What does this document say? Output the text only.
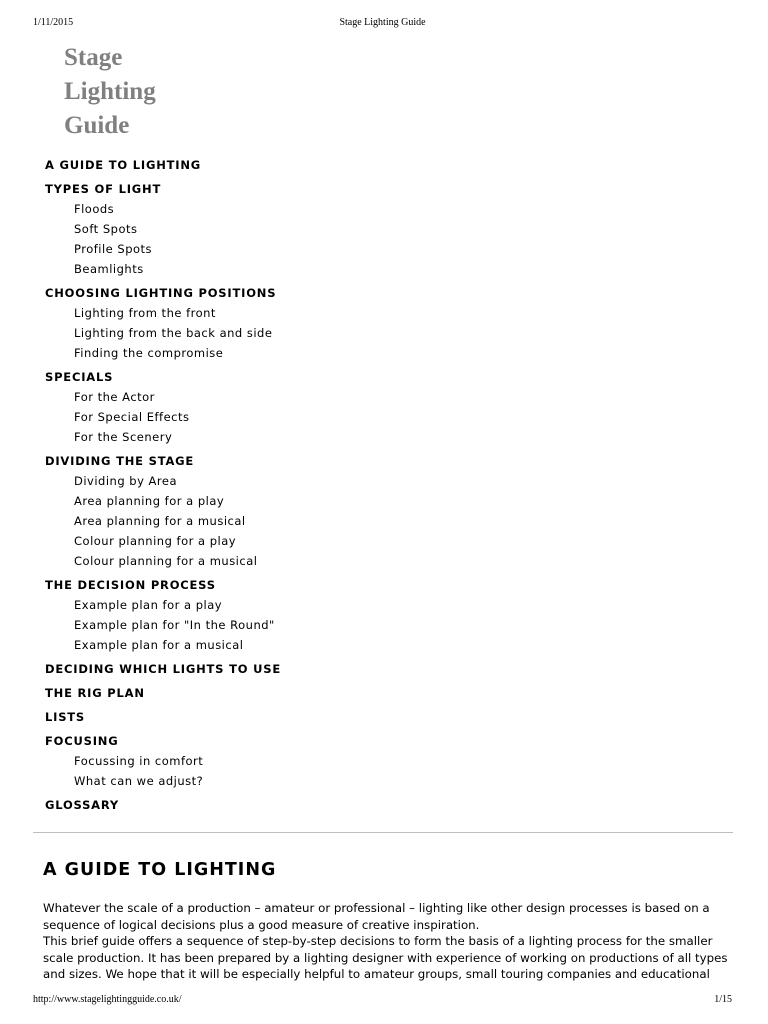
1/11/2015	Stage Lighting Guide
Stage
Lighting
Guide
A GUIDE TO LIGHTING
TYPES OF LIGHT
Floods
Soft Spots
Profile Spots
Beamlights
CHOOSING LIGHTING POSITIONS
Lighting from the front
Lighting from the back and side
Finding the compromise
SPECIALS
For the Actor
For Special Effects
For the Scenery
DIVIDING THE STAGE
Dividing by Area
Area planning for a play
Area planning for a musical
Colour planning for a play
Colour planning for a musical
THE DECISION PROCESS
Example plan for a play
Example plan for "In the Round"
Example plan for a musical
DECIDING WHICH LIGHTS TO USE
THE RIG PLAN
LISTS
FOCUSING
Focussing in comfort
What can we adjust?
GLOSSARY
A GUIDE TO LIGHTING

Whatever the scale of a production – amateur or professional – lighting like other design processes is based on a sequence of logical decisions plus a good measure of creative inspiration.

This brief guide offers a sequence of step-by-step decisions to form the basis of a lighting process for the smaller scale production. It has been prepared by a lighting designer with experience of working on productions of all types and sizes. We hope that it will be especially helpful to amateur groups, small touring companies and educational

http://www.stagelightingguide.co.uk/	1/15
